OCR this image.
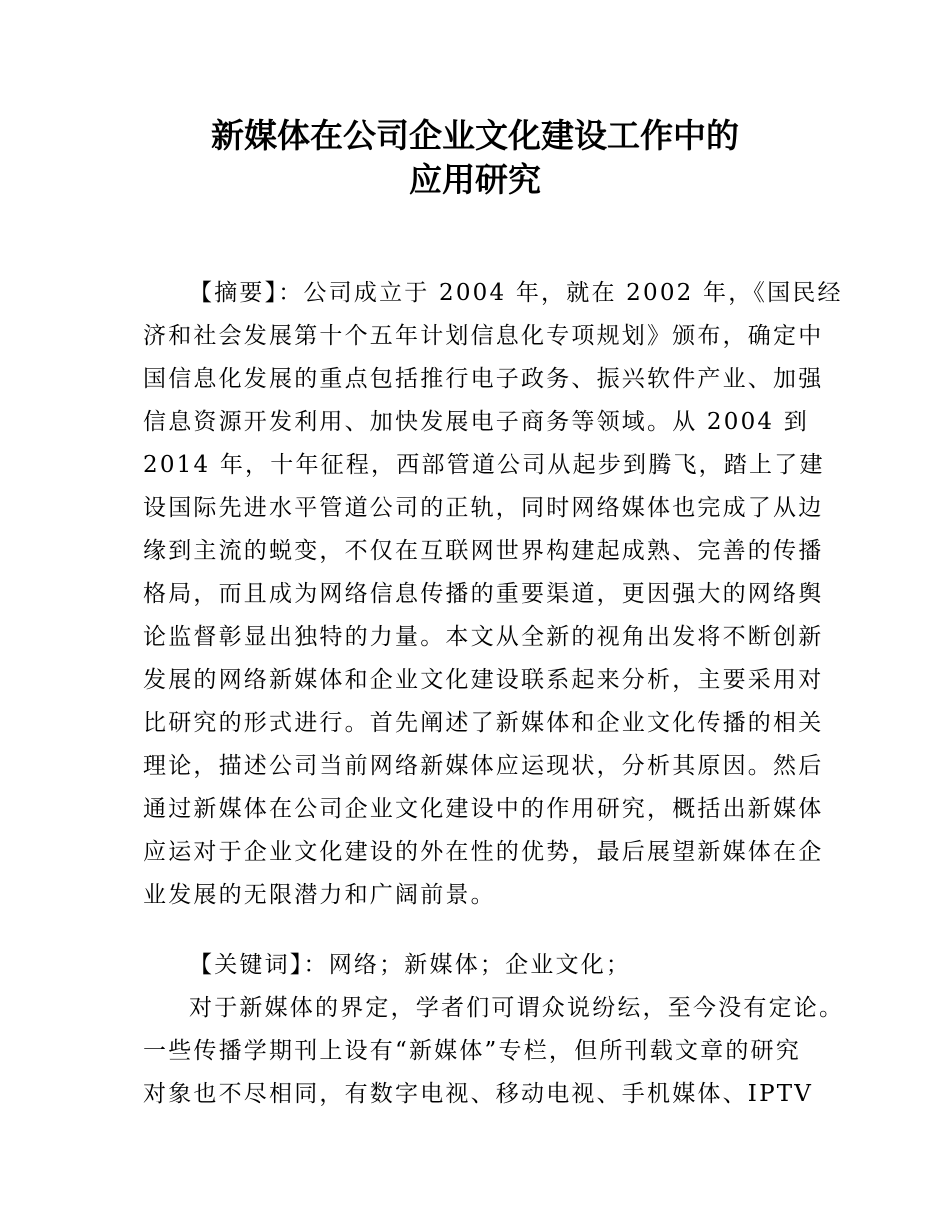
新媒体在公司企业文化建设工作中的
应用研究
【摘要】：公司成立于 2004 年，就在 2002 年，《国民经
济和社会发展第十个五年计划信息化专项规划》颁布，确定中
国信息化发展的重点包括推行电子政务、振兴软件产业、加强
信息资源开发利用、加快发展电子商务等领域。从 2004 到
2014 年，十年征程，西部管道公司从起步到腾飞，踏上了建
设国际先进水平管道公司的正轨，同时网络媒体也完成了从边
缘到主流的蜕变，不仅在互联网世界构建起成熟、完善的传播
格局，而且成为网络信息传播的重要渠道，更因强大的网络舆
论监督彰显出独特的力量。本文从全新的视角出发将不断创新
发展的网络新媒体和企业文化建设联系起来分析，主要采用对
比研究的形式进行。首先阐述了新媒体和企业文化传播的相关
理论，描述公司当前网络新媒体应运现状，分析其原因。然后
通过新媒体在公司企业文化建设中的作用研究，概括出新媒体
应运对于企业文化建设的外在性的优势，最后展望新媒体在企
业发展的无限潜力和广阔前景。
【关键词】：网络；新媒体；企业文化；
对于新媒体的界定，学者们可谓众说纷纭，至今没有定论。
一些传播学期刊上设有“新媒体”专栏，但所刊载文章的研究
对象也不尽相同，有数字电视、移动电视、手机媒体、IPTV
